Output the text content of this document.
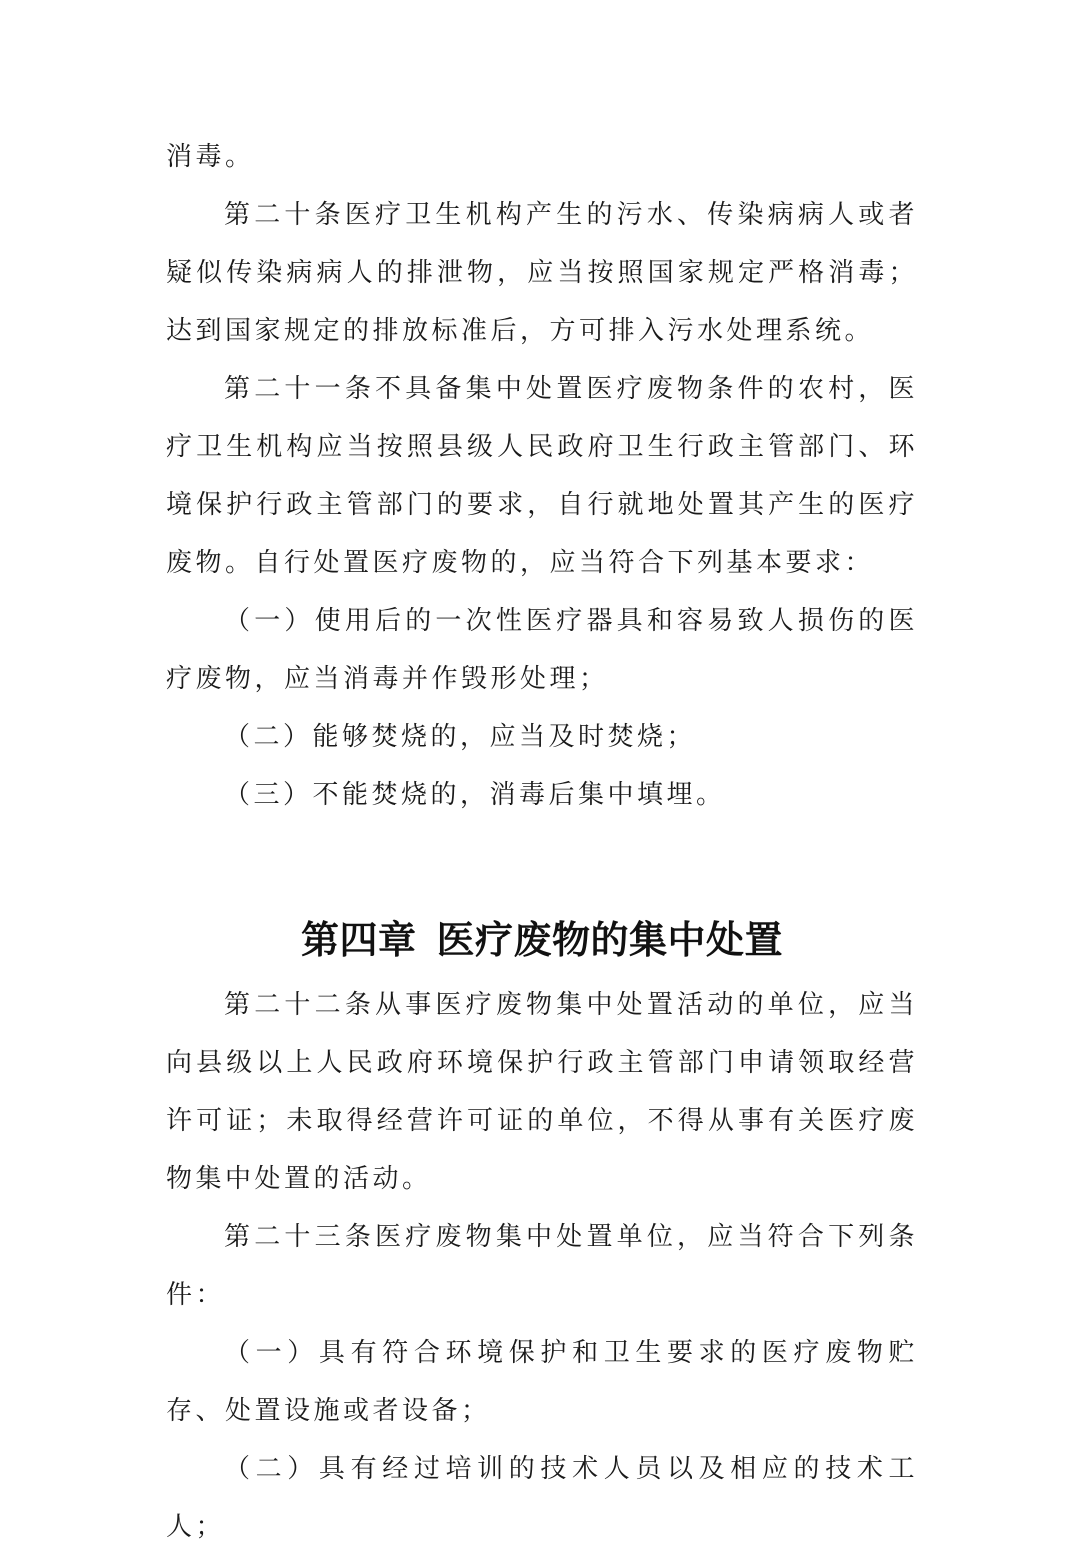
消毒。

第二十条医疗卫生机构产生的污水、传染病病人或者疑似传染病病人的排泄物，应当按照国家规定严格消毒；达到国家规定的排放标准后，方可排入污水处理系统。

第二十一条不具备集中处置医疗废物条件的农村，医疗卫生机构应当按照县级人民政府卫生行政主管部门、环境保护行政主管部门的要求，自行就地处置其产生的医疗废物。自行处置医疗废物的，应当符合下列基本要求：

（一）使用后的一次性医疗器具和容易致人损伤的医疗废物，应当消毒并作毁形处理；

（二）能够焚烧的，应当及时焚烧；

（三）不能焚烧的，消毒后集中填埋。

第四章 医疗废物的集中处置

第二十二条从事医疗废物集中处置活动的单位，应当向县级以上人民政府环境保护行政主管部门申请领取经营许可证；未取得经营许可证的单位，不得从事有关医疗废物集中处置的活动。

第二十三条医疗废物集中处置单位，应当符合下列条件：

（一）具有符合环境保护和卫生要求的医疗废物贮存、处置设施或者设备；

（二）具有经过培训的技术人员以及相应的技术工人；
